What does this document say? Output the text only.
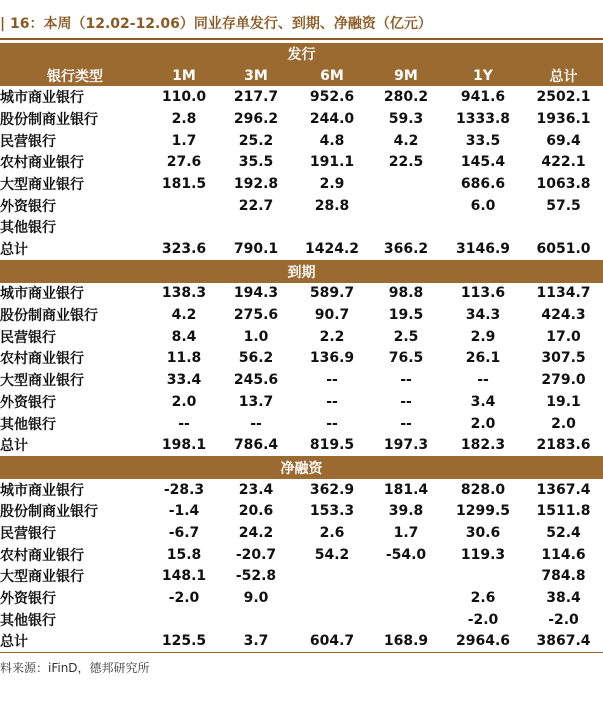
| 16：本周（12.02-12.06）同业存单发行、到期、净融资（亿元）
发行						
银行类型	1M	3M	6M	9M	1Y	总计
城市商业银行	110.0	217.7	952.6	280.2	941.6	2502.1
股份制商业银行	2.8	296.2	244.0	59.3	1333.8	1936.1
民营银行	1.7	25.2	4.8	4.2	33.5	69.4
农村商业银行	27.6	35.5	191.1	22.5	145.4	422.1
大型商业银行	181.5	192.8	2.9		686.6	1063.8
外资银行		22.7	28.8		6.0	57.5
其他银行						
总计	323.6	790.1	1424.2	366.2	3146.9	6051.0
到期						
城市商业银行	138.3	194.3	589.7	98.8	113.6	1134.7
股份制商业银行	4.2	275.6	90.7	19.5	34.3	424.3
民营银行	8.4	1.0	2.2	2.5	2.9	17.0
农村商业银行	11.8	56.2	136.9	76.5	26.1	307.5
大型商业银行	33.4	245.6	--	--	--	279.0
外资银行	2.0	13.7	--	--	3.4	19.1
其他银行	--	--	--	--	2.0	2.0
总计	198.1	786.4	819.5	197.3	182.3	2183.6
净融资						
城市商业银行	-28.3	23.4	362.9	181.4	828.0	1367.4
股份制商业银行	-1.4	20.6	153.3	39.8	1299.5	1511.8
民营银行	-6.7	24.2	2.6	1.7	30.6	52.4
农村商业银行	15.8	-20.7	54.2	-54.0	119.3	114.6
大型商业银行	148.1	-52.8				784.8
外资银行	-2.0	9.0			2.6	38.4
其他银行					-2.0	-2.0
总计	125.5	3.7	604.7	168.9	2964.6	3867.4
料来源：iFinD，德邦研究所
